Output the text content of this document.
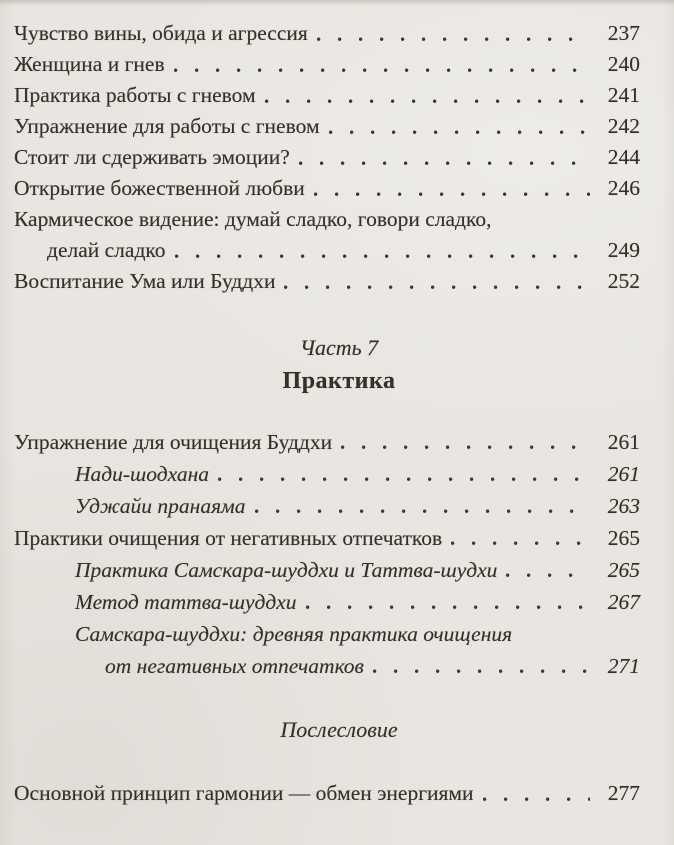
Чувство вины, обида и агрессия	237
Женщина и гнев	240
Практика работы с гневом	241
Упражнение для работы с гневом	242
Стоит ли сдерживать эмоции?	244
Открытие божественной любви	246
Кармическое видение: думай сладко, говори сладко,
делай сладко	249
Воспитание Ума или Буддхи	252
Часть 7
Практика
Упражнение для очищения Буддхи	261
Нади-шодхана	261
Уджайи пранаяма	263
Практики очищения от негативных отпечатков	265
Практика Самскара-шуддхи и Таттва-шудхи	265
Метод таттва-шуддхи	267
Самскара-шуддхи: древняя практика очищения
от негативных отпечатков	271
Послесловие
Основной принцип гармонии — обмен энергиями	277
